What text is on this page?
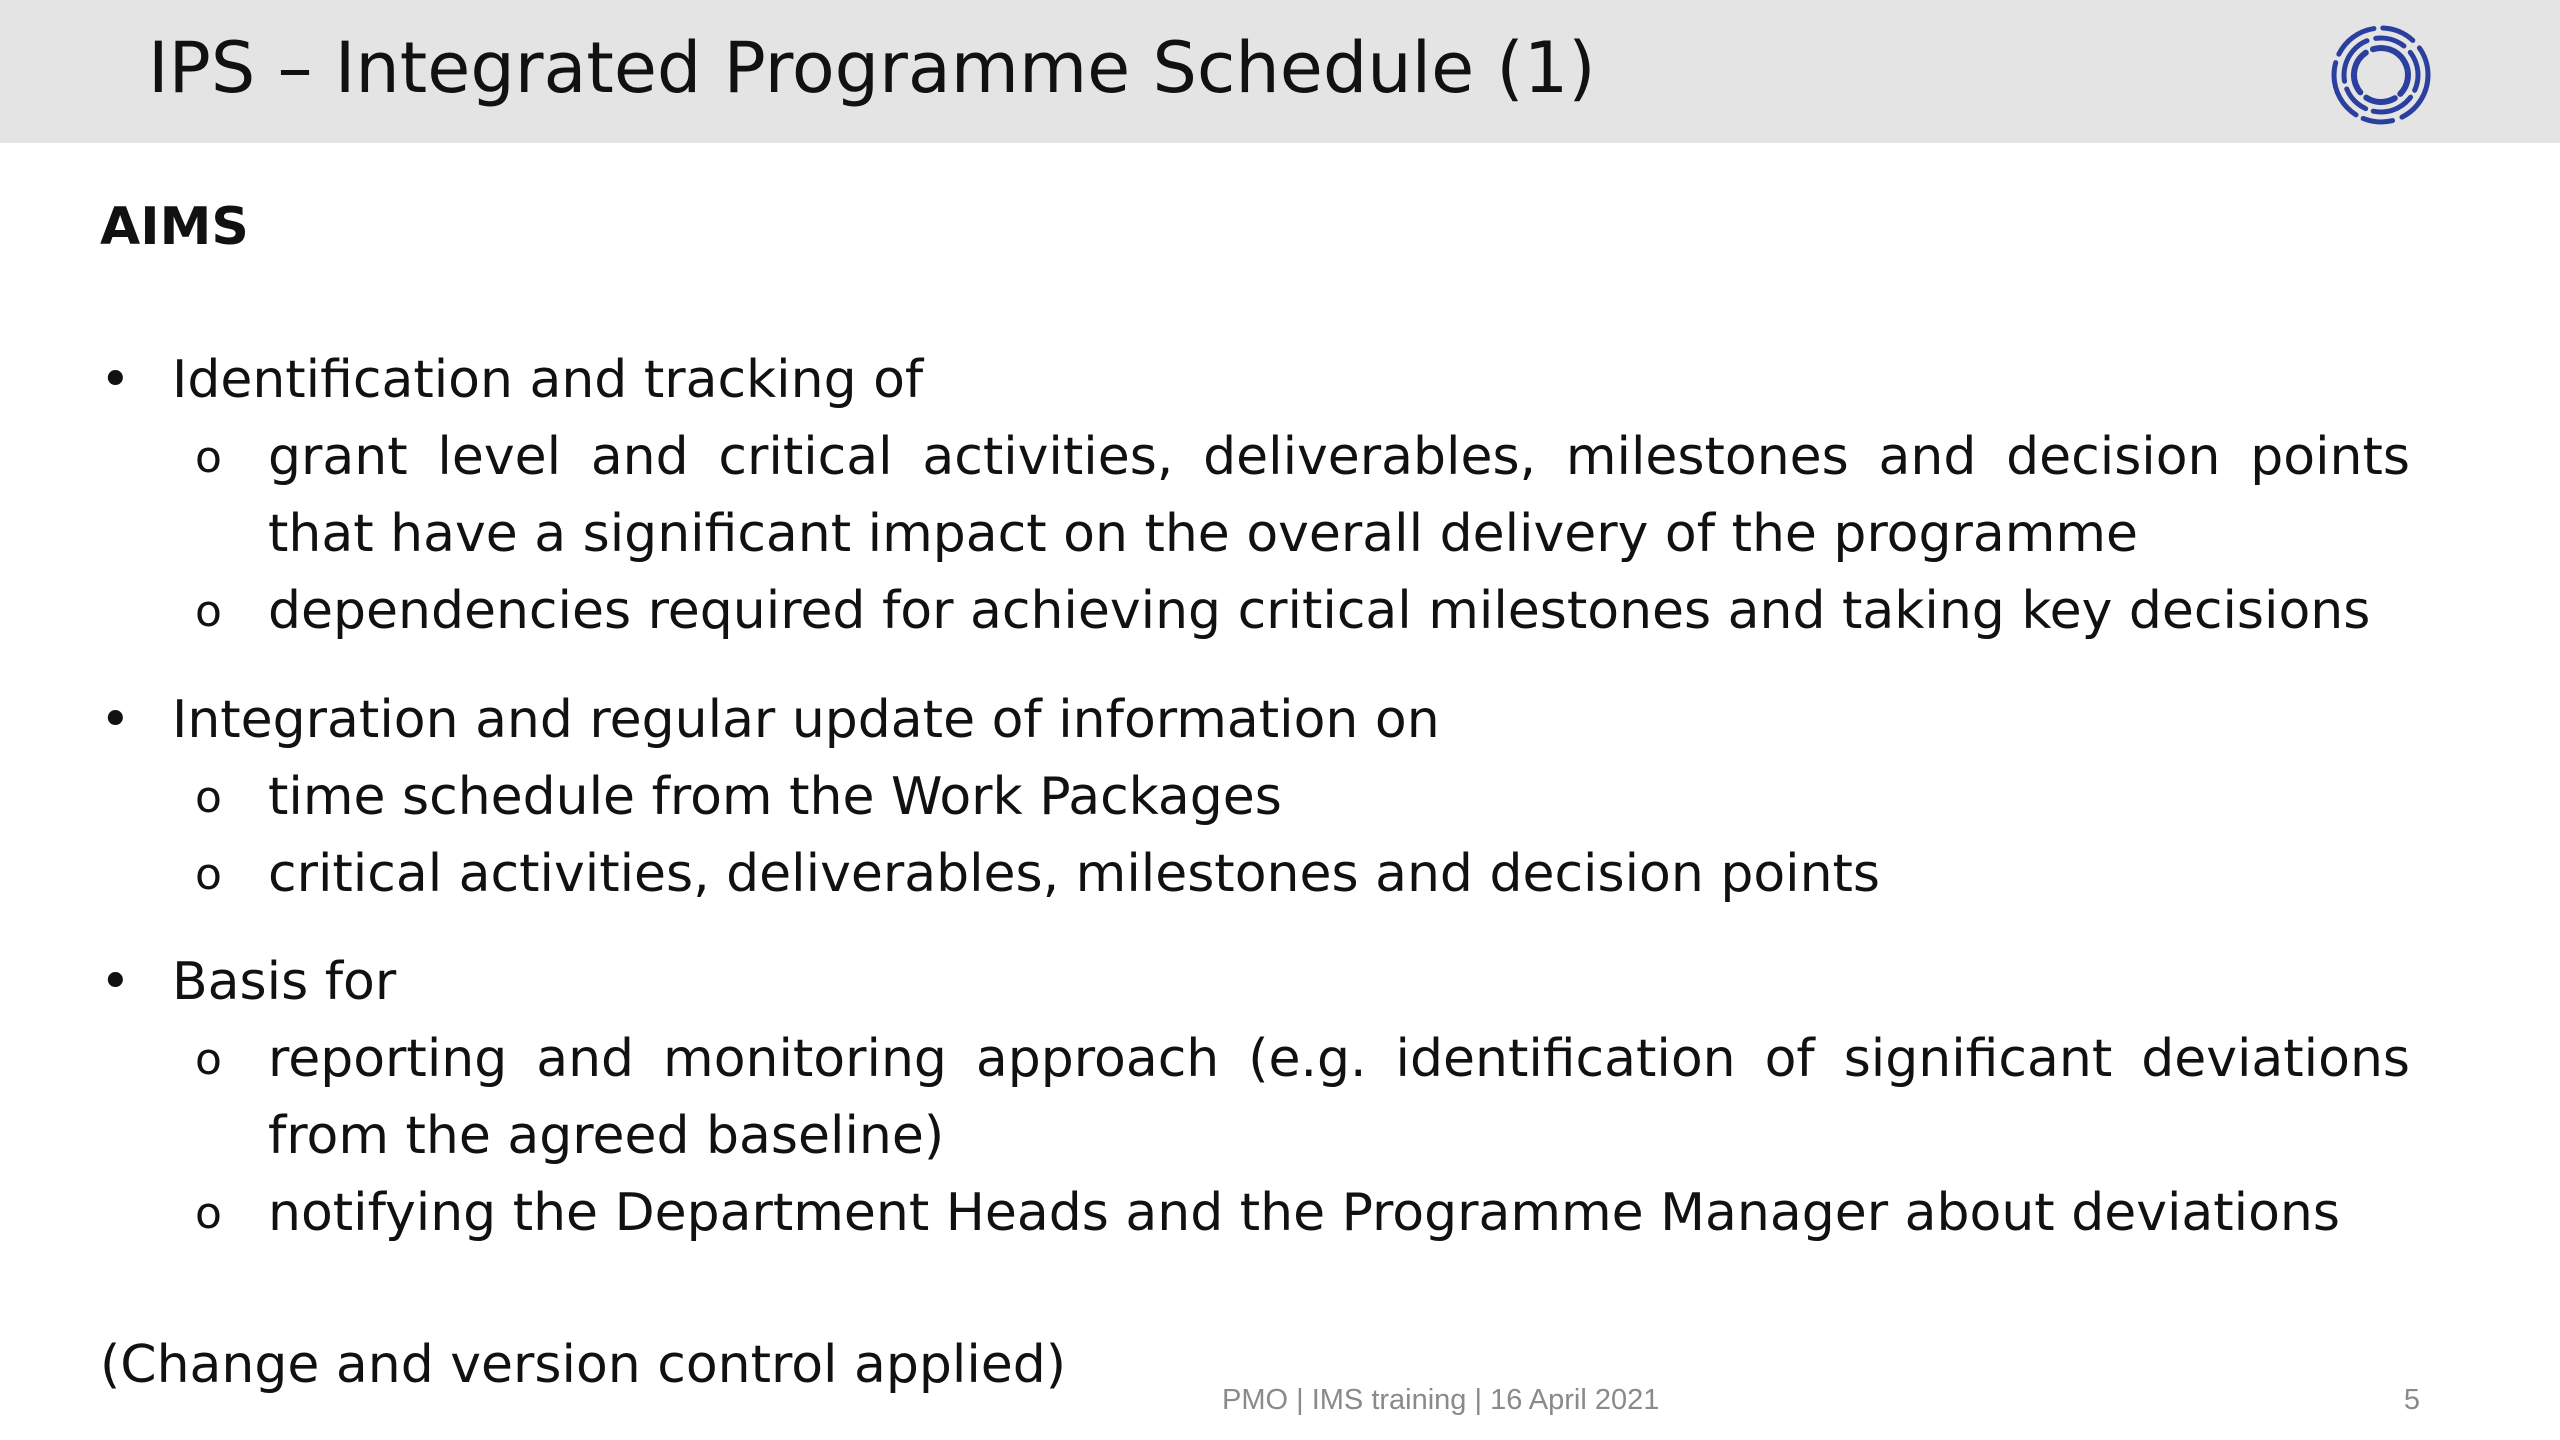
IPS – Integrated Programme Schedule (1)
AIMS
• Identification and tracking of
o grant level and critical activities, deliverables, milestones and decision points that have a significant impact on the overall delivery of the programme
o dependencies required for achieving critical milestones and taking key decisions
• Integration and regular update of information on
o time schedule from the Work Packages
o critical activities, deliverables, milestones and decision points
• Basis for
o reporting and monitoring approach (e.g. identification of significant deviations from the agreed baseline)
o notifying the Department Heads and the Programme Manager about deviations
(Change and version control applied)
PMO | IMS training | 16 April 2021	5
